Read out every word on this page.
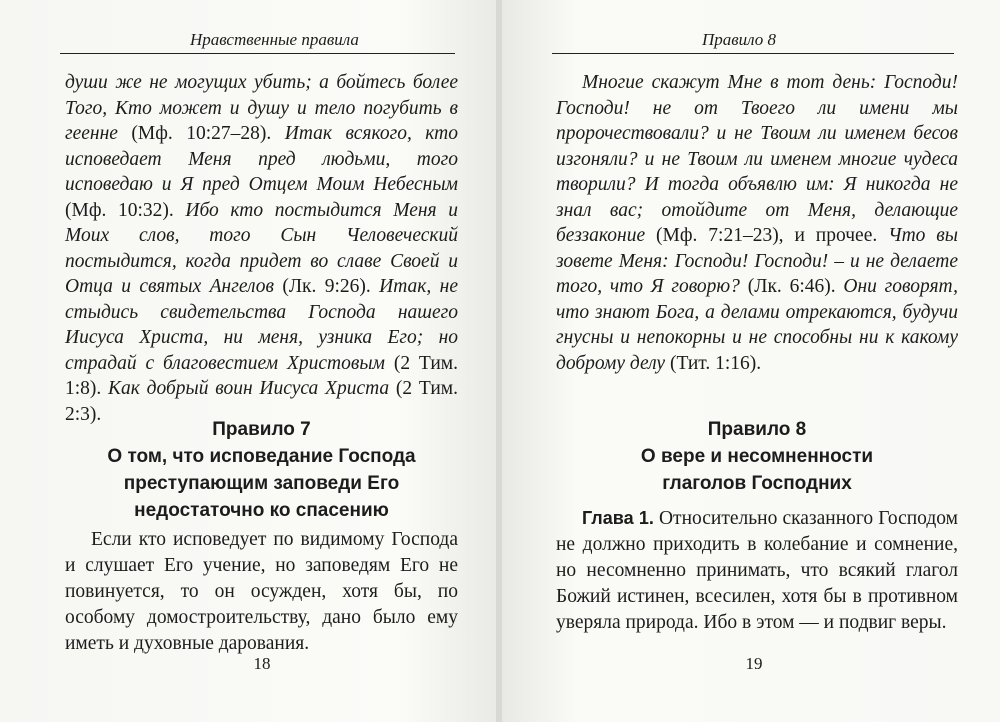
Нравственные правила

души же не могущих убить; а бойтесь более Того, Кто может и душу и тело погубить в геенне (Мф. 10:27–28). Итак всякого, кто исповедает Меня пред людьми, того исповедаю и Я пред Отцем Моим Небесным (Мф. 10:32). Ибо кто постыдится Меня и Моих слов, того Сын Человеческий постыдится, когда придет во славе Своей и Отца и святых Ангелов (Лк. 9:26). Итак, не стыдись свидетельства Господа нашего Иисуса Христа, ни меня, узника Его; но страдай с благовестием Христовым (2 Тим. 1:8). Как добрый воин Иисуса Христа (2 Тим. 2:3).

Правило 7
О том, что исповедание Господа
преступающим заповеди Его
недостаточно ко спасению

Если кто исповедует по видимому Господа и слушает Его учение, но заповедям Его не повинуется, то он осужден, хотя бы, по особому домостроительству, дано было ему иметь и духовные дарования.

18
Правило 8

Многие скажут Мне в тот день: Господи! Господи! не от Твоего ли имени мы пророчествовали? и не Твоим ли именем бесов изгоняли? и не Твоим ли именем многие чудеса творили? И тогда объявлю им: Я никогда не знал вас; отойдите от Меня, делающие беззаконие (Мф. 7:21–23), и прочее. Что вы зовете Меня: Господи! Господи! – и не делаете того, что Я говорю? (Лк. 6:46). Они говорят, что знают Бога, а делами отрекаются, будучи гнусны и непокорны и не способны ни к какому доброму делу (Тит. 1:16).

Правило 8
О вере и несомненности
глаголов Господних

Глава 1. Относительно сказанного Господом не должно приходить в колебание и сомнение, но несомненно принимать, что всякий глагол Божий истинен, всесилен, хотя бы в противном уверяла природа. Ибо в этом — и подвиг веры.

19
